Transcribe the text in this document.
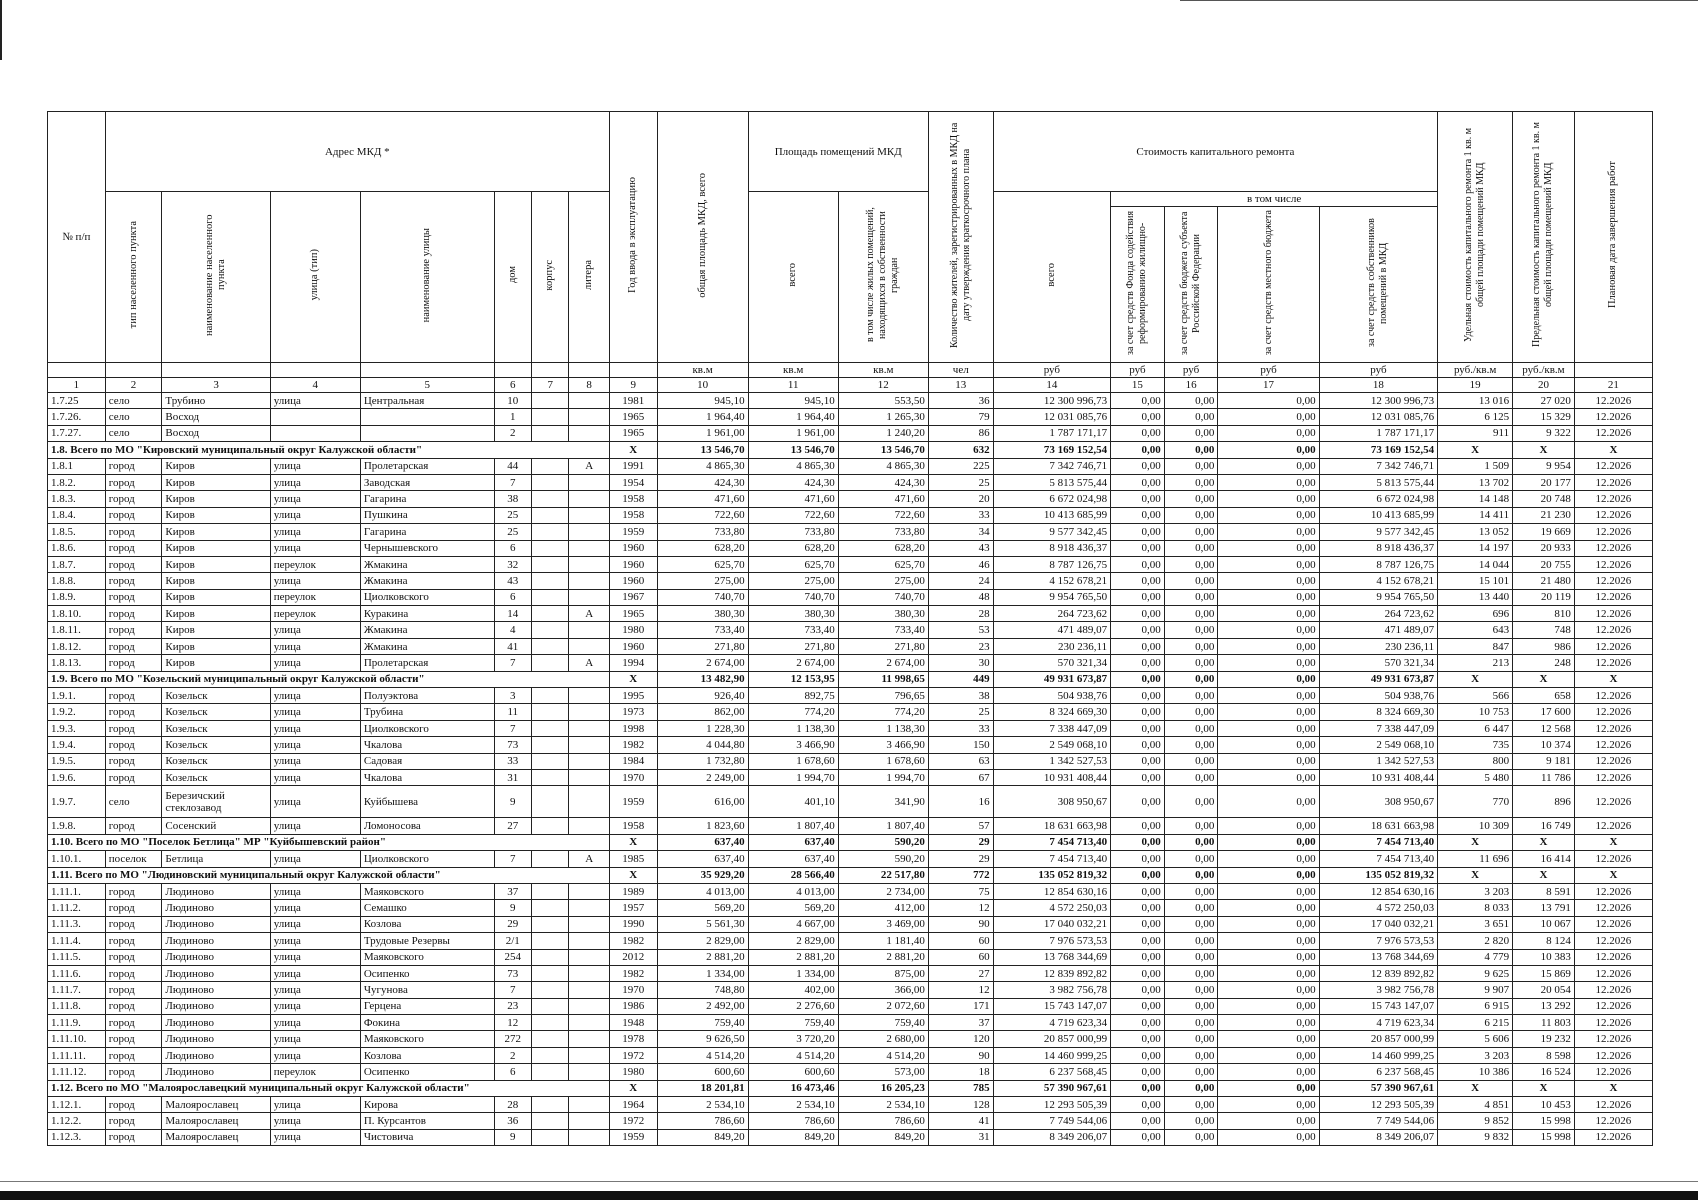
№ п/п	Адрес МКД *							Год ввода в эксплуатацию	общая площадь МКД, всего	Площадь помещений МКД		Количество жителей, зарегистрированных в МКД на дату утверждения краткосрочного плана	Стоимость капитального ремонта					Удельная стоимость капитального ремонта 1 кв. м общей площади помещений МКД	Предельная стоимость капитального ремонта 1 кв. м общей площади помещений МКД	Плановая дата завершения работ
	тип населенного пункта	наименование населенного пункта	улица (тип)	наименование улицы	дом	корпус	литера			всего	в том числе жилых помещений, находящихся в собственности граждан		всего	в том числе						
														за счет средств Фонда содействия реформированию жилищно-	за счет средств бюджета субъекта Российской Федерации	за счет средств местного бюджета	за счет средств собственников помещений в МКД			
									кв.м	кв.м	кв.м	чел	руб	руб	руб	руб	руб	руб./кв.м	руб./кв.м	
1	2	3	4	5	6	7	8	9	10	11	12	13	14	15	16	17	18	19	20	21
1.7.25	село	Трубино	улица	Центральная	10			1981	945,10	945,10	553,50	36	12 300 996,73	0,00	0,00	0,00	12 300 996,73	13 016	27 020	12.2026
1.7.26.	село	Восход			1			1965	1 964,40	1 964,40	1 265,30	79	12 031 085,76	0,00	0,00	0,00	12 031 085,76	6 125	15 329	12.2026
1.7.27.	село	Восход			2			1965	1 961,00	1 961,00	1 240,20	86	1 787 171,17	0,00	0,00	0,00	1 787 171,17	911	9 322	12.2026
1.8. Всего по МО "Кировский муниципальный округ Калужской области"								X	13 546,70	13 546,70	13 546,70	632	73 169 152,54	0,00	0,00	0,00	73 169 152,54	X	X	X
1.8.1	город	Киров	улица	Пролетарская	44		А	1991	4 865,30	4 865,30	4 865,30	225	7 342 746,71	0,00	0,00	0,00	7 342 746,71	1 509	9 954	12.2026
1.8.2.	город	Киров	улица	Заводская	7			1954	424,30	424,30	424,30	25	5 813 575,44	0,00	0,00	0,00	5 813 575,44	13 702	20 177	12.2026
1.8.3.	город	Киров	улица	Гагарина	38			1958	471,60	471,60	471,60	20	6 672 024,98	0,00	0,00	0,00	6 672 024,98	14 148	20 748	12.2026
1.8.4.	город	Киров	улица	Пушкина	25			1958	722,60	722,60	722,60	33	10 413 685,99	0,00	0,00	0,00	10 413 685,99	14 411	21 230	12.2026
1.8.5.	город	Киров	улица	Гагарина	25			1959	733,80	733,80	733,80	34	9 577 342,45	0,00	0,00	0,00	9 577 342,45	13 052	19 669	12.2026
1.8.6.	город	Киров	улица	Чернышевского	6			1960	628,20	628,20	628,20	43	8 918 436,37	0,00	0,00	0,00	8 918 436,37	14 197	20 933	12.2026
1.8.7.	город	Киров	переулок	Жмакина	32			1960	625,70	625,70	625,70	46	8 787 126,75	0,00	0,00	0,00	8 787 126,75	14 044	20 755	12.2026
1.8.8.	город	Киров	улица	Жмакина	43			1960	275,00	275,00	275,00	24	4 152 678,21	0,00	0,00	0,00	4 152 678,21	15 101	21 480	12.2026
1.8.9.	город	Киров	переулок	Циолковского	6			1967	740,70	740,70	740,70	48	9 954 765,50	0,00	0,00	0,00	9 954 765,50	13 440	20 119	12.2026
1.8.10.	город	Киров	переулок	Куракина	14		А	1965	380,30	380,30	380,30	28	264 723,62	0,00	0,00	0,00	264 723,62	696	810	12.2026
1.8.11.	город	Киров	улица	Жмакина	4			1980	733,40	733,40	733,40	53	471 489,07	0,00	0,00	0,00	471 489,07	643	748	12.2026
1.8.12.	город	Киров	улица	Жмакина	41			1960	271,80	271,80	271,80	23	230 236,11	0,00	0,00	0,00	230 236,11	847	986	12.2026
1.8.13.	город	Киров	улица	Пролетарская	7		А	1994	2 674,00	2 674,00	2 674,00	30	570 321,34	0,00	0,00	0,00	570 321,34	213	248	12.2026
1.9. Всего по МО "Козельский муниципальный округ Калужской области"								X	13 482,90	12 153,95	11 998,65	449	49 931 673,87	0,00	0,00	0,00	49 931 673,87	X	X	X
1.9.1.	город	Козельск	улица	Полуэктова	3			1995	926,40	892,75	796,65	38	504 938,76	0,00	0,00	0,00	504 938,76	566	658	12.2026
1.9.2.	город	Козельск	улица	Трубина	11			1973	862,00	774,20	774,20	25	8 324 669,30	0,00	0,00	0,00	8 324 669,30	10 753	17 600	12.2026
1.9.3.	город	Козельск	улица	Циолковского	7			1998	1 228,30	1 138,30	1 138,30	33	7 338 447,09	0,00	0,00	0,00	7 338 447,09	6 447	12 568	12.2026
1.9.4.	город	Козельск	улица	Чкалова	73			1982	4 044,80	3 466,90	3 466,90	150	2 549 068,10	0,00	0,00	0,00	2 549 068,10	735	10 374	12.2026
1.9.5.	город	Козельск	улица	Садовая	33			1984	1 732,80	1 678,60	1 678,60	63	1 342 527,53	0,00	0,00	0,00	1 342 527,53	800	9 181	12.2026
1.9.6.	город	Козельск	улица	Чкалова	31			1970	2 249,00	1 994,70	1 994,70	67	10 931 408,44	0,00	0,00	0,00	10 931 408,44	5 480	11 786	12.2026
1.9.7.	село	Березичский стеклозавод	улица	Куйбышева	9			1959	616,00	401,10	341,90	16	308 950,67	0,00	0,00	0,00	308 950,67	770	896	12.2026
1.9.8.	город	Сосенский	улица	Ломоносова	27			1958	1 823,60	1 807,40	1 807,40	57	18 631 663,98	0,00	0,00	0,00	18 631 663,98	10 309	16 749	12.2026
1.10. Всего по МО "Поселок Бетлица" МР "Куйбышевский район"								X	637,40	637,40	590,20	29	7 454 713,40	0,00	0,00	0,00	7 454 713,40	X	X	X
1.10.1.	поселок	Бетлица	улица	Циолковского	7		А	1985	637,40	637,40	590,20	29	7 454 713,40	0,00	0,00	0,00	7 454 713,40	11 696	16 414	12.2026
1.11. Всего по МО "Людиновский муниципальный округ Калужской области"								X	35 929,20	28 566,40	22 517,80	772	135 052 819,32	0,00	0,00	0,00	135 052 819,32	X	X	X
1.11.1.	город	Людиново	улица	Маяковского	37			1989	4 013,00	4 013,00	2 734,00	75	12 854 630,16	0,00	0,00	0,00	12 854 630,16	3 203	8 591	12.2026
1.11.2.	город	Людиново	улица	Семашко	9			1957	569,20	569,20	412,00	12	4 572 250,03	0,00	0,00	0,00	4 572 250,03	8 033	13 791	12.2026
1.11.3.	город	Людиново	улица	Козлова	29			1990	5 561,30	4 667,00	3 469,00	90	17 040 032,21	0,00	0,00	0,00	17 040 032,21	3 651	10 067	12.2026
1.11.4.	город	Людиново	улица	Трудовые Резервы	2/1			1982	2 829,00	2 829,00	1 181,40	60	7 976 573,53	0,00	0,00	0,00	7 976 573,53	2 820	8 124	12.2026
1.11.5.	город	Людиново	улица	Маяковского	254			2012	2 881,20	2 881,20	2 881,20	60	13 768 344,69	0,00	0,00	0,00	13 768 344,69	4 779	10 383	12.2026
1.11.6.	город	Людиново	улица	Осипенко	73			1982	1 334,00	1 334,00	875,00	27	12 839 892,82	0,00	0,00	0,00	12 839 892,82	9 625	15 869	12.2026
1.11.7.	город	Людиново	улица	Чугунова	7			1970	748,80	402,00	366,00	12	3 982 756,78	0,00	0,00	0,00	3 982 756,78	9 907	20 054	12.2026
1.11.8.	город	Людиново	улица	Герцена	23			1986	2 492,00	2 276,60	2 072,60	171	15 743 147,07	0,00	0,00	0,00	15 743 147,07	6 915	13 292	12.2026
1.11.9.	город	Людиново	улица	Фокина	12			1948	759,40	759,40	759,40	37	4 719 623,34	0,00	0,00	0,00	4 719 623,34	6 215	11 803	12.2026
1.11.10.	город	Людиново	улица	Маяковского	272			1978	9 626,50	3 720,20	2 680,00	120	20 857 000,99	0,00	0,00	0,00	20 857 000,99	5 606	19 232	12.2026
1.11.11.	город	Людиново	улица	Козлова	2			1972	4 514,20	4 514,20	4 514,20	90	14 460 999,25	0,00	0,00	0,00	14 460 999,25	3 203	8 598	12.2026
1.11.12.	город	Людиново	переулок	Осипенко	6			1980	600,60	600,60	573,00	18	6 237 568,45	0,00	0,00	0,00	6 237 568,45	10 386	16 524	12.2026
1.12. Всего по МО "Малоярославецкий муниципальный округ Калужской области"								X	18 201,81	16 473,46	16 205,23	785	57 390 967,61	0,00	0,00	0,00	57 390 967,61	X	X	X
1.12.1.	город	Малоярославец	улица	Кирова	28			1964	2 534,10	2 534,10	2 534,10	128	12 293 505,39	0,00	0,00	0,00	12 293 505,39	4 851	10 453	12.2026
1.12.2.	город	Малоярославец	улица	П. Курсантов	36			1972	786,60	786,60	786,60	41	7 749 544,06	0,00	0,00	0,00	7 749 544,06	9 852	15 998	12.2026
1.12.3.	город	Малоярославец	улица	Чистовича	9			1959	849,20	849,20	849,20	31	8 349 206,07	0,00	0,00	0,00	8 349 206,07	9 832	15 998	12.2026
